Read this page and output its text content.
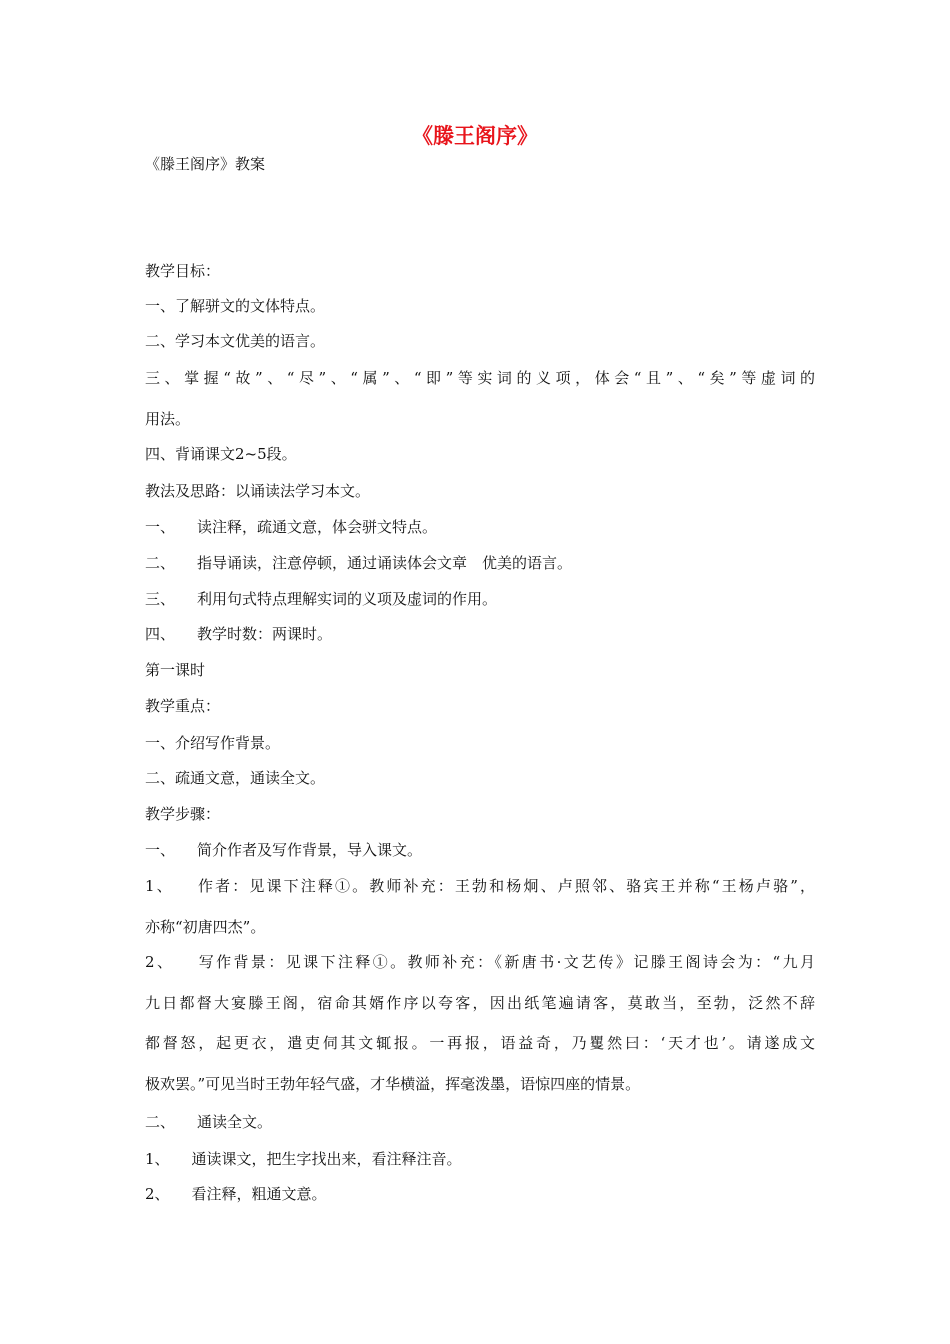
《滕王阁序》
《滕王阁序》教案
教学目标：
一、了解骈文的文体特点。
二、学习本文优美的语言。
三、掌握“故”、“尽”、“属”、“即”等实词的义项，体会“且”、“矣”等虚词的
用法。
四、背诵课文2~5段。
教法及思路：以诵读法学习本文。
一、 读注释，疏通文意，体会骈文特点。
二、 指导诵读，注意停顿，通过诵读体会文章　优美的语言。
三、 利用句式特点理解实词的义项及虚词的作用。
四、 教学时数：两课时。
第一课时
教学重点：
一、介绍写作背景。
二、疏通文意，通读全文。
教学步骤：
一、 简介作者及写作背景，导入课文。
1、 作者：见课下注释①。教师补充：王勃和杨炯、卢照邻、骆宾王并称“王杨卢骆”，
亦称“初唐四杰”。
2、 写作背景：见课下注释①。教师补充：《新唐书·文艺传》记滕王阁诗会为：“九月
九日都督大宴滕王阁，宿命其婿作序以夸客，因出纸笔遍请客，莫敢当，至勃，泛然不辞
都督怒，起更衣，遣吏伺其文辄报。一再报，语益奇，乃矍然曰：‘天才也’。请遂成文
极欢罢。”可见当时王勃年轻气盛，才华横溢，挥毫泼墨，语惊四座的情景。
二、 通读全文。
1、 通读课文，把生字找出来，看注释注音。
2、 看注释，粗通文意。
